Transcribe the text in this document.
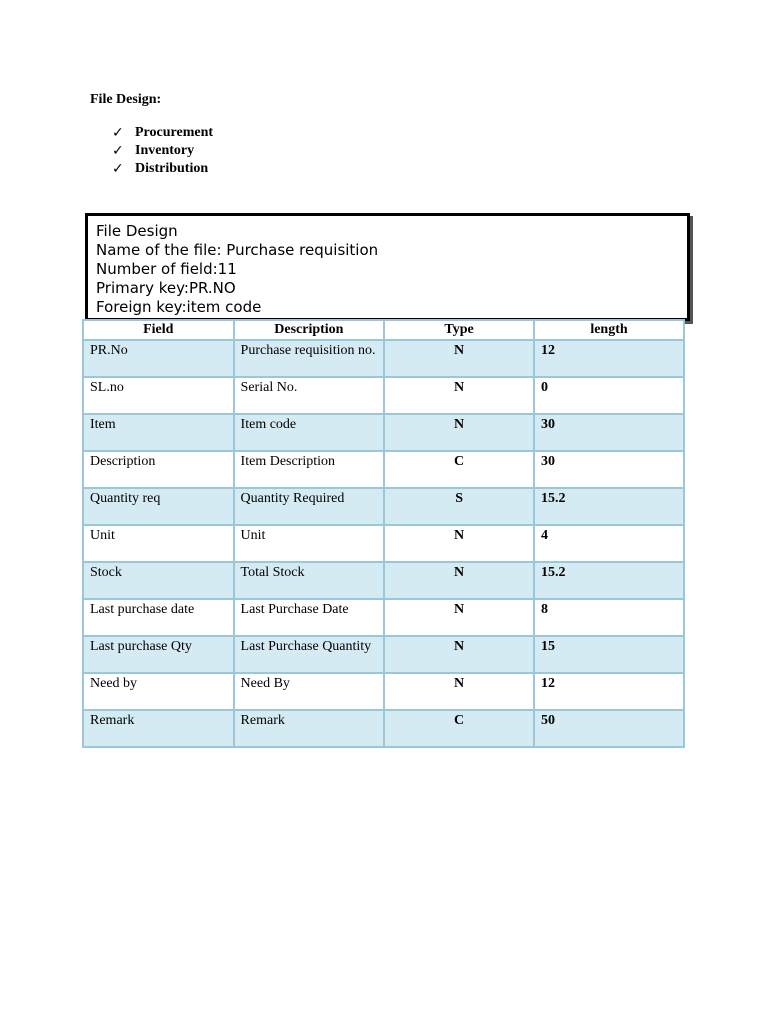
File Design:
✓ Procurement
✓ Inventory
✓ Distribution
File Design
Name of the file: Purchase requisition
Number of field:11
Primary key:PR.NO
Foreign key:item code
Field	Description	Type	length
PR.No	Purchase requisition no.	N	12
SL.no	Serial No.	N	0
Item	Item code	N	30
Description	Item Description	C	30
Quantity req	Quantity Required	S	15.2
Unit	Unit	N	4
Stock	Total Stock	N	15.2
Last purchase date	Last Purchase Date	N	8
Last purchase Qty	Last Purchase Quantity	N	15
Need by	Need By	N	12
Remark	Remark	C	50
